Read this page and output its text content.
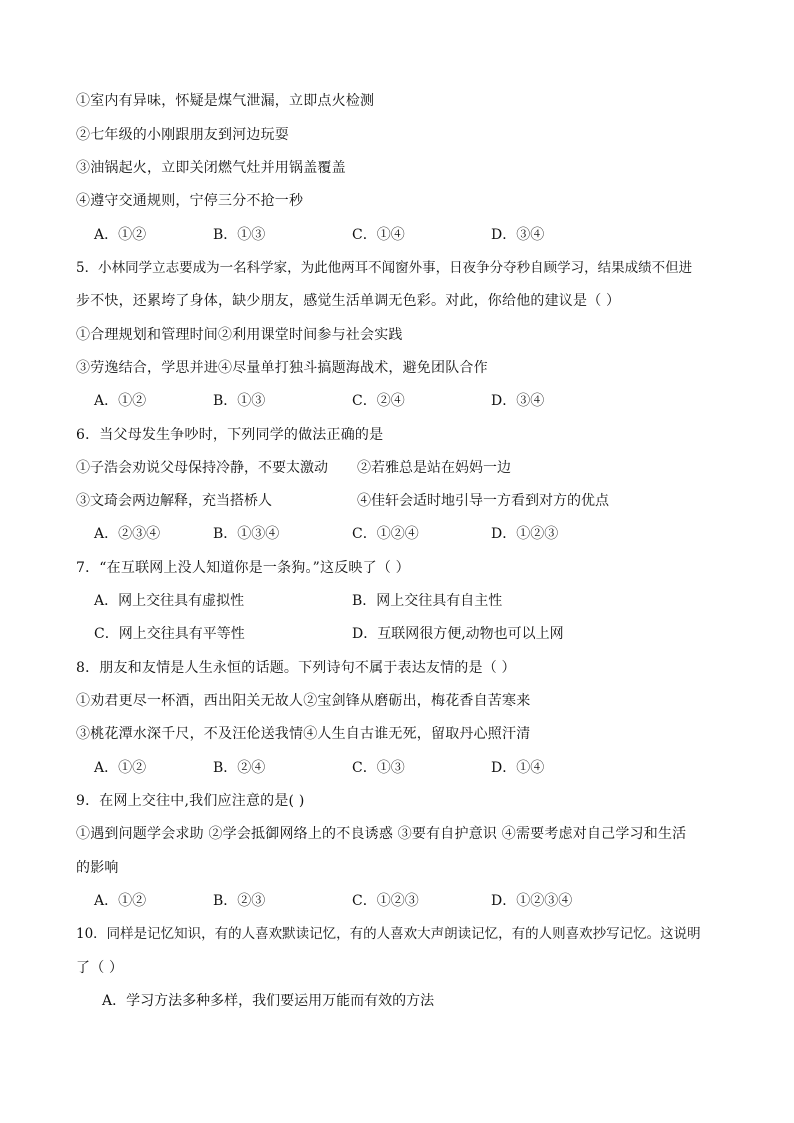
①室内有异味，怀疑是煤气泄漏，立即点火检测
②七年级的小刚跟朋友到河边玩耍
③油锅起火，立即关闭燃气灶并用锅盖覆盖
④遵守交通规则，宁停三分不抢一秒
A．①②	B．①③	C．①④	D．③④
5．小林同学立志要成为一名科学家，为此他两耳不闻窗外事，日夜争分夺秒自顾学习，结果成绩不但进
步不快，还累垮了身体，缺少朋友，感觉生活单调无色彩。对此，你给他的建议是（ ）
①合理规划和管理时间②利用课堂时间参与社会实践
③劳逸结合，学思并进④尽量单打独斗搞题海战术，避免团队合作
A．①②	B．①③	C．②④	D．③④
6．当父母发生争吵时，下列同学的做法正确的是
①子浩会劝说父母保持冷静，不要太激动 ②若雅总是站在妈妈一边
③文琦会两边解释，充当搭桥人	④佳轩会适时地引导一方看到对方的优点
A．②③④	B．①③④	C．①②④	D．①②③
7．“在互联网上没人知道你是一条狗。”这反映了（ ）
A．网上交往具有虚拟性	B．网上交往具有自主性
C．网上交往具有平等性	D．互联网很方便,动物也可以上网
8．朋友和友情是人生永恒的话题。下列诗句不属于表达友情的是（ ）
①劝君更尽一杯酒，西出阳关无故人②宝剑锋从磨砺出，梅花香自苦寒来
③桃花潭水深千尺，不及汪伦送我情④人生自古谁无死，留取丹心照汗清
A．①②	B．②④	C．①③	D．①④
9．在网上交往中,我们应注意的是( )
①遇到问题学会求助 ②学会抵御网络上的不良诱惑 ③要有自护意识 ④需要考虑对自己学习和生活
的影响
A．①②	B．②③	C．①②③	D．①②③④
10．同样是记忆知识，有的人喜欢默读记忆，有的人喜欢大声朗读记忆，有的人则喜欢抄写记忆。这说明
了（ ）
A．学习方法多种多样，我们要运用万能而有效的方法
